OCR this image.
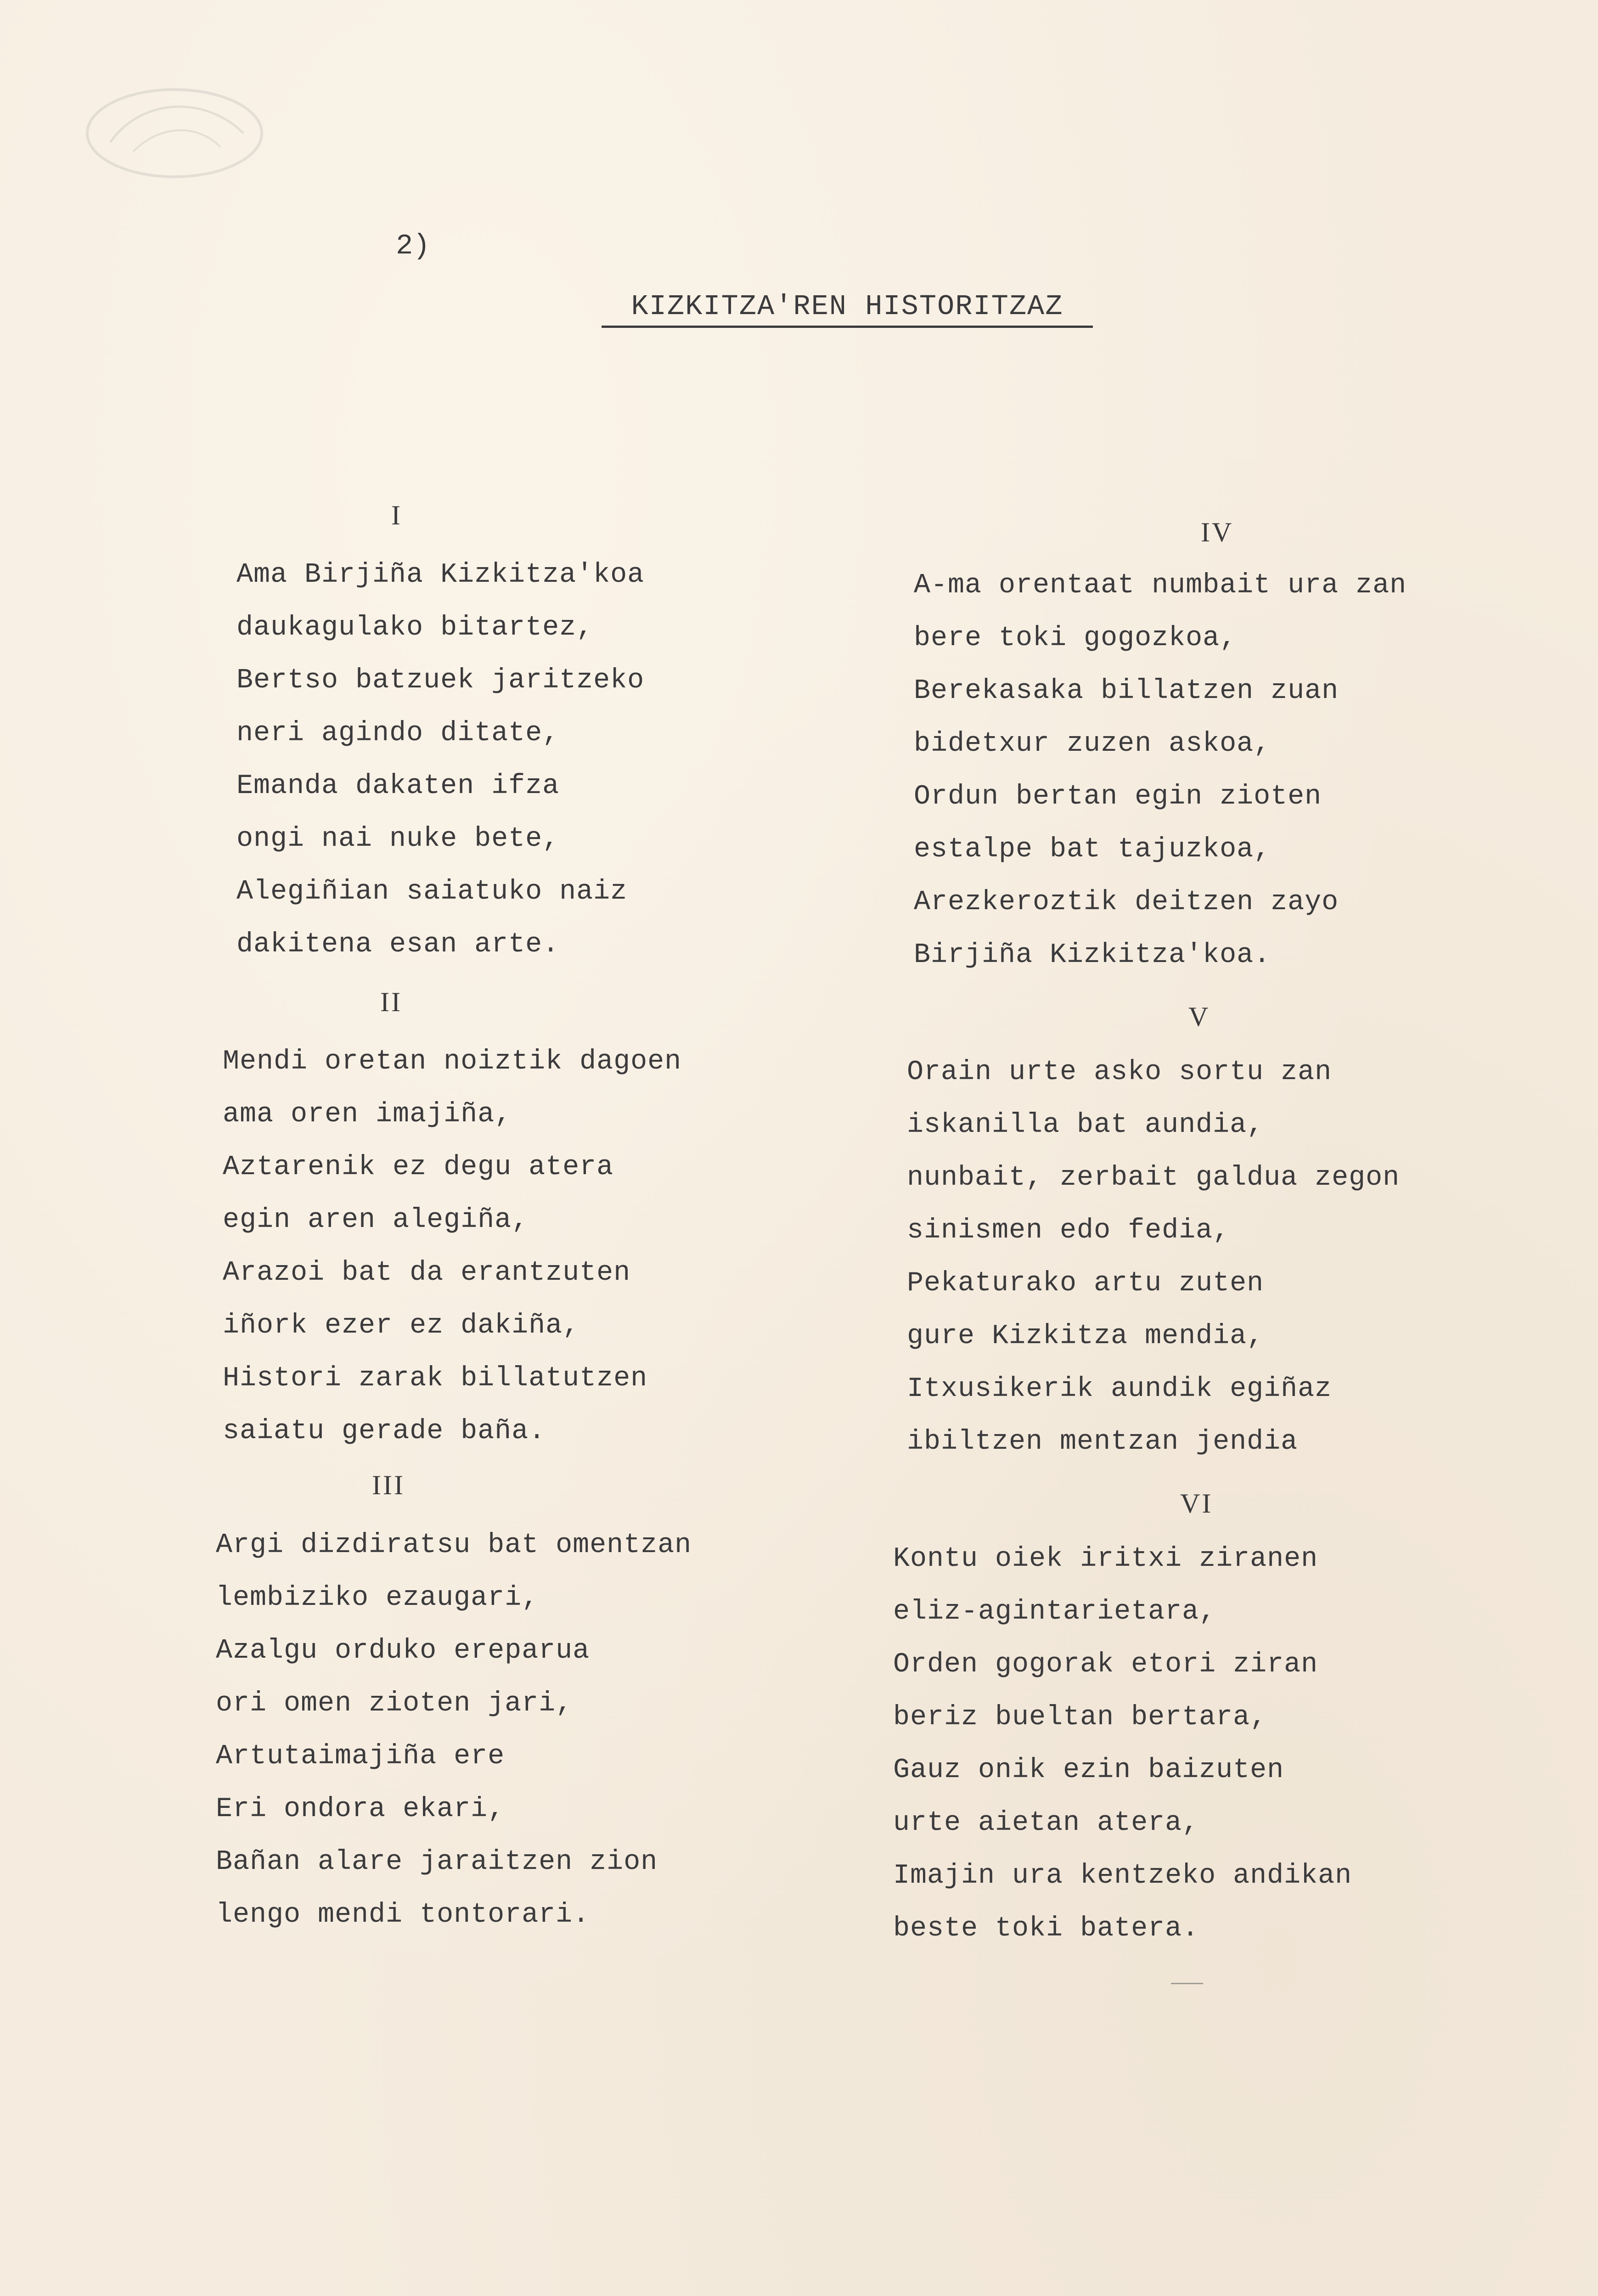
2)
KIZKITZA'REN HISTORITZAZ
I
Ama Birjiña Kizkitza'koa
daukagulako bitartez,
Bertso batzuek jaritzeko
neri agindo ditate,
Emanda dakaten ifza
ongi nai nuke bete,
Alegiñian saiatuko naiz
dakitena esan arte.
II
Mendi oretan noiztik dagoen
ama oren imajiña,
Aztarenik ez degu atera
egin aren alegiña,
Arazoi bat da erantzuten
iñork ezer ez dakiña,
Histori zarak billatutzen
saiatu gerade baña.
III
Argi dizdiratsu bat omentzan
lembiziko ezaugari,
Azalgu orduko ereparua
ori omen zioten jari,
Artutaimajiña ere
Eri ondora ekari,
Bañan alare jaraitzen zion
lengo mendi tontorari.
IV
A-ma orentaat numbait ura zan
bere toki gogozkoa,
Berekasaka billatzen zuan
bidetxur zuzen askoa,
Ordun bertan egin zioten
estalpe bat tajuzkoa,
Arezkeroztik deitzen zayo
Birjiña Kizkitza'koa.
V
Orain urte asko sortu zan
iskanilla bat aundia,
nunbait, zerbait galdua zegon
sinismen edo fedia,
Pekaturako artu zuten
gure Kizkitza mendia,
Itxusikerik aundik egiñaz
ibiltzen mentzan jendia
VI
Kontu oiek iritxi ziranen
eliz-agintarietara,
Orden gogorak etori ziran
beriz bueltan bertara,
Gauz onik ezin baizuten
urte aietan atera,
Imajin ura kentzeko andikan
beste toki batera.
